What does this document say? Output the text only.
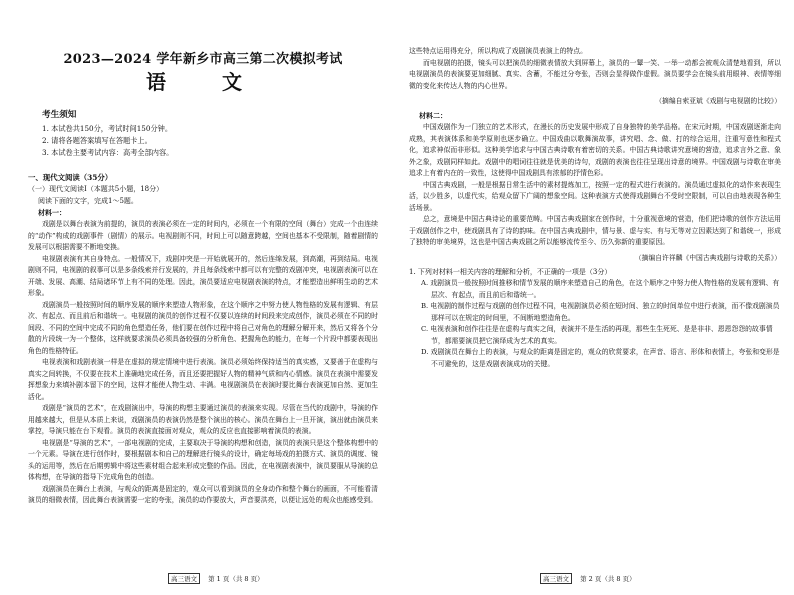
2023—2024 学年新乡市高三第二次模拟考试
语　文
考生须知
1. 本试卷共150分，考试时间150分钟。
2. 请将各题答案填写在答题卡上。
3. 本试卷主要考试内容：高考全部内容。
一、现代文阅读（35分）
（一）现代文阅读Ⅰ（本题共5小题，18分）
阅读下面的文字，完成1～5题。
材料一：

戏剧是以舞台表演为前提的，演员的表演必须在一定的时间内，必须在一个有限的空间（舞台）完成一个由连续的“动作”构成的戏剧事件（剧情）的展示。电视剧则不同，时间上可以随意跨越，空间也基本不受限制，随着剧情的发展可以根据需要不断地变换。

电视剧表演有其自身特点。一般情况下，戏剧冲突是一开始就展开的，然后连绵发展，到高潮，再到结局。电视剧则不同，电视剧的叙事可以是多条线索并行发展的，并且每条线索中都可以有完整的戏剧冲突，电视剧表演可以在开端、发展、高潮、结局诸环节上有不同的处理。因此，演员要适应电视剧表演的特点，才能塑造出鲜明生动的艺术形象。

戏剧演员一般按照时间的顺序发展的顺序来塑造人物形象，在这个顺序之中努力使人物性格的发展有逻辑、有层次、有起点、而且前后和谐统一。电视剧的演员的创作过程不仅要以连续的时间段来完成创作，演员必须在不同的时间段、不同的空间中完成不同的角色塑造任务，他们要在创作过程中将自己对角色的理解分解开来，然后又将各个分散的片段统一为一个整体，这样就要求演员必须具备较强的分析角色、把握角色的能力，在每一个片段中都要表现出角色的性格特征。

电视表演和戏剧表演一样是在虚拟的规定情境中进行表演。演员必须始终保持适当的真实感，又要善于在虚构与真实之间转换，不仅要在技术上准确地完成任务，而且还要把握好人物的精神气质和内心情感。演员在表演中需要发挥想象力来填补剧本留下的空间，这样才能使人物生动、丰满。电视剧演员在表演时要比舞台表演更加自然、更加生活化。

戏剧是“演员的艺术”，在戏剧演出中，导演的构想主要通过演员的表演来实现。尽管在当代的戏剧中，导演的作用越来越大，但是从本质上来说，戏剧演员的表演仍然是整个演出的核心。演员在舞台上一旦开演，演出就由演员来掌控，导演只能在台下观看。演员的表演直接面对观众，观众的反应也直接影响着演员的表演。

电视剧是“导演的艺术”，一部电视剧的完成，主要取决于导演的构想和创造，演员的表演只是这个整体构想中的一个元素。导演在进行创作时，要根据剧本和自己的理解进行镜头的设计，确定每场戏的拍摄方式、演员的调度、镜头的运用等，然后在后期剪辑中将这些素材组合起来形成完整的作品。因此，在电视剧表演中，演员要服从导演的总体构想，在导演的指导下完成角色的创造。

戏剧演员在舞台上表演，与观众的距离是固定的，观众可以看到演员的全身动作和整个舞台的画面，不可能看清演员的细微表情，因此舞台表演需要一定的夸张，演员的动作要放大，声音要洪亮，以便让远处的观众也能感受到。

高三语文 第 1 页（共 8 页）

这些特点运用得充分，所以构成了戏剧演员表演上的特点。

而电视剧的拍摄，镜头可以把演员的细微表情放大到屏幕上，演员的一颦一笑、一举一动都会被观众清楚地看到，所以电视剧演员的表演要更加细腻、真实、含蓄，不能过分夸张，否则会显得做作虚假。演员要学会在镜头前用眼神、表情等细微的变化来传达人物的内心世界。

（摘编自索亚斌《戏剧与电视剧的比较》）
材料二：

中国戏剧作为一门独立的艺术形式，在漫长的历史发展中形成了自身独特的美学品格。在宋元时期，中国戏剧逐渐走向成熟，其表演体系和美学原则也逐步确立。中国戏曲以歌舞演故事，讲究唱、念、做、打的综合运用，注重写意性和程式化，追求神似而非形似。这种美学追求与中国古典诗歌有着密切的关系。中国古典诗歌讲究意境的营造，追求言外之意、象外之象，戏剧同样如此。戏剧中的唱词往往就是优美的诗句，戏剧的表演也往往呈现出诗意的境界。中国戏剧与诗歌在审美追求上有着内在的一致性，这使得中国戏剧具有浓郁的抒情色彩。

中国古典戏剧，一般是根据日常生活中的素材提炼加工，按照一定的程式进行表演的。演员通过虚拟化的动作来表现生活，以少胜多，以虚代实，给观众留下广阔的想象空间。这种表演方式使得戏剧舞台不受时空限制，可以自由地表现各种生活场景。

总之，意境是中国古典诗论的重要范畴。中国古典戏剧家在创作时，十分重视意境的营造，他们把诗歌的创作方法运用于戏剧创作之中，使戏剧具有了诗的韵味。在中国古典戏剧中，情与景、虚与实、有与无等对立因素达到了和谐统一，形成了独特的审美境界，这也是中国古典戏剧之所以能够流传至今、历久弥新的重要原因。

（摘编自许祥麟《中国古典戏剧与诗歌的关系》）
1. 下列对材料一相关内容的理解和分析，不正确的一项是（3分）
A. 戏剧演员一般按照时间推移和情节发展的顺序来塑造自己的角色，在这个顺序之中努力使人物性格的发展有逻辑、有层次、有起点，而且前后和谐统一。
B. 电视剧的制作过程与戏剧的创作过程不同，电视剧演员必须在短时间、独立的时间单位中进行表演，而不像戏剧演员那样可以在规定的时间里，不间断地塑造角色。
C. 电视表演和创作往往是在虚构与真实之间，表演并不是生活的再现，那些生生死死、是是非非、恩恩怨怨的故事情节，都需要演员把它演绎成为艺术的真实。
D. 戏剧演员在舞台上的表演，与观众的距离是固定的，观众的欣赏要求，在声音、语言、形体和表情上，夸张和变形是不可避免的，这是戏剧表演成功的关键。
高三语文 第 2 页（共 8 页）
